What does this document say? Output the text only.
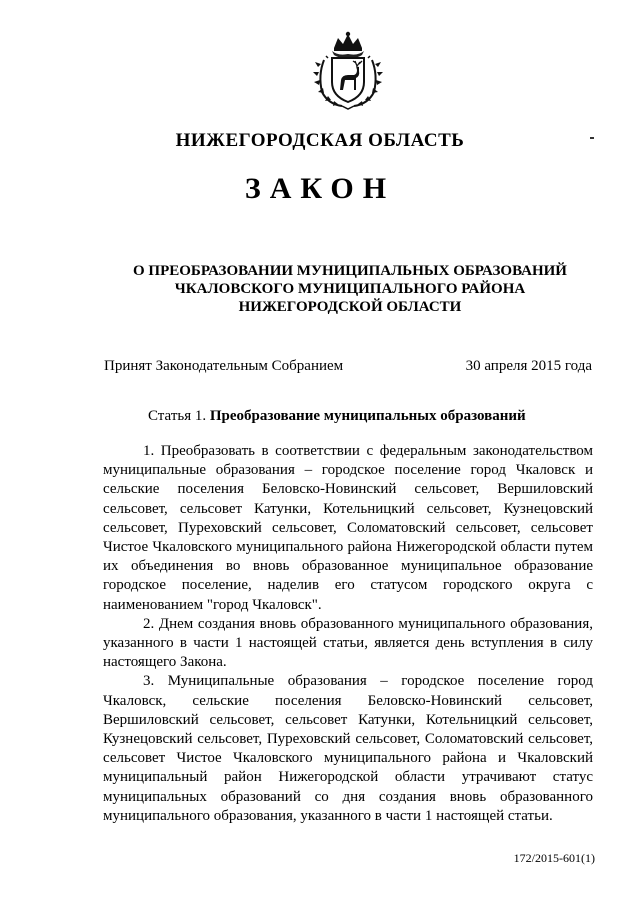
НИЖЕГОРОДСКАЯ ОБЛАСТЬ
ЗАКОН
О ПРЕОБРАЗОВАНИИ МУНИЦИПАЛЬНЫХ ОБРАЗОВАНИЙ
ЧКАЛОВСКОГО МУНИЦИПАЛЬНОГО РАЙОНА
НИЖЕГОРОДСКОЙ ОБЛАСТИ
Принят Законодательным Собранием	30 апреля 2015 года
Статья 1. Преобразование муниципальных образований

1. Преобразовать в соответствии с федеральным законодательством муниципальные образования – городское поселение город Чкаловск и сельские поселения Беловско-Новинский сельсовет, Вершиловский сельсовет, сельсовет Катунки, Котельницкий сельсовет, Кузнецовский сельсовет, Пуреховский сельсовет, Соломатовский сельсовет, сельсовет Чистое Чкаловского муниципального района Нижегородской области путем их объединения во вновь образованное муниципальное образование городское поселение, наделив его статусом городского округа с наименованием "город Чкаловск".

2. Днем создания вновь образованного муниципального образования, указанного в части 1 настоящей статьи, является день вступления в силу настоящего Закона.

3. Муниципальные образования – городское поселение город Чкаловск, сельские поселения Беловско-Новинский сельсовет, Вершиловский сельсовет, сельсовет Катунки, Котельницкий сельсовет, Кузнецовский сельсовет, Пуреховский сельсовет, Соломатовский сельсовет, сельсовет Чистое Чкаловского муниципального района и Чкаловский муниципальный район Нижегородской области утрачивают статус муниципальных образований со дня создания вновь образованного муниципального образования, указанного в части 1 настоящей статьи.

172/2015-601(1)
